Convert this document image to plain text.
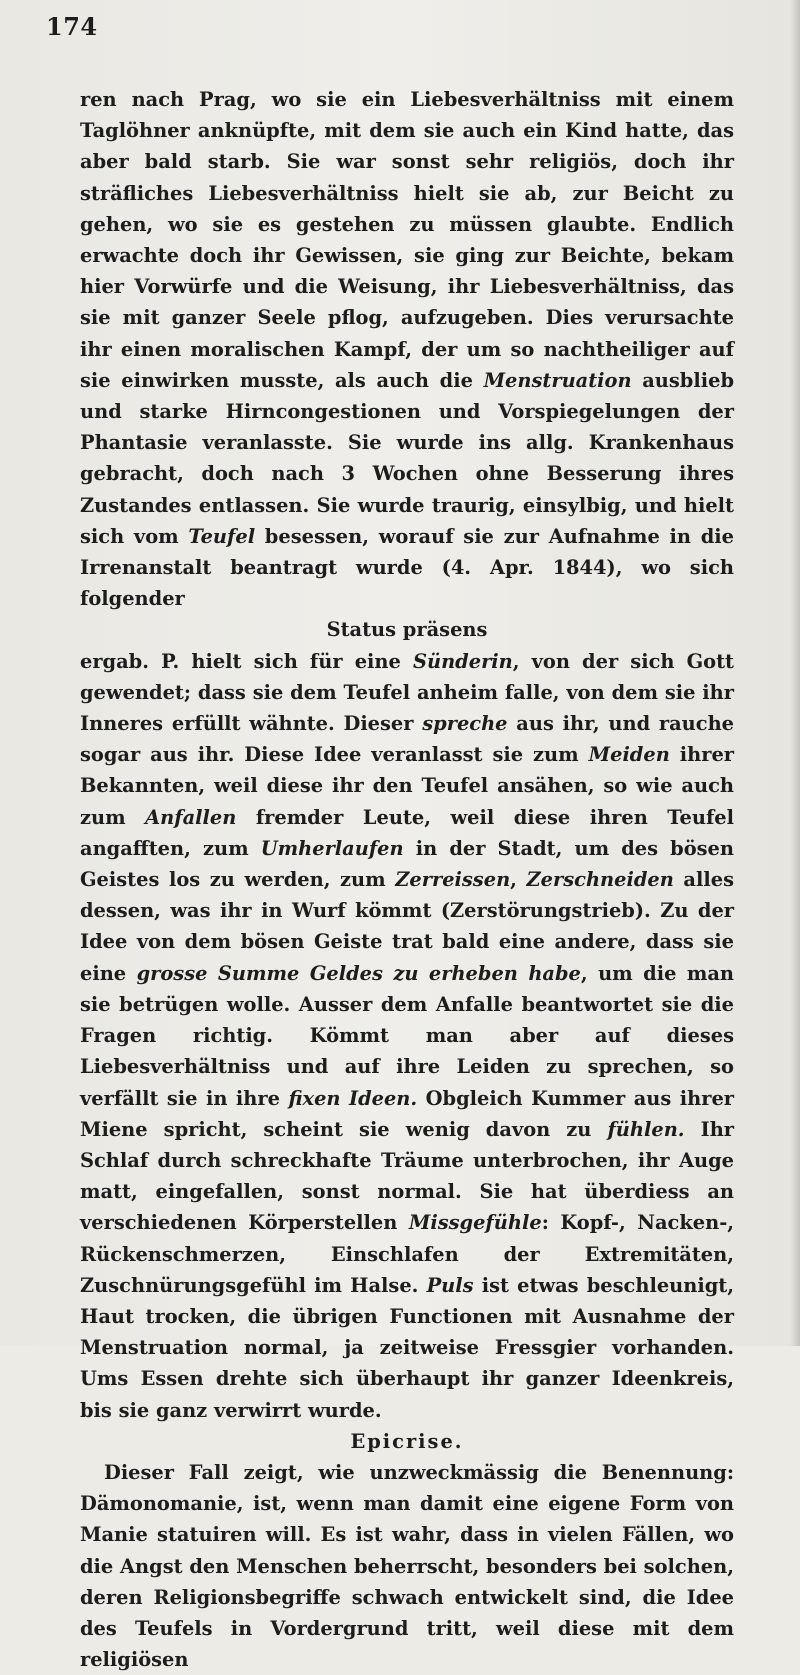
174

ren nach Prag, wo sie ein Liebesverhältniss mit einem Taglöhner anknüpfte, mit dem sie auch ein Kind hatte, das aber bald starb. Sie war sonst sehr religiös, doch ihr sträfliches Liebesverhältniss hielt sie ab, zur Beicht zu gehen, wo sie es gestehen zu müssen glaubte. Endlich erwachte doch ihr Gewissen, sie ging zur Beichte, bekam hier Vorwürfe und die Weisung, ihr Liebesverhältniss, das sie mit ganzer Seele pflog, aufzugeben. Dies verursachte ihr einen moralischen Kampf, der um so nachtheiliger auf sie einwirken musste, als auch die Menstruation ausblieb und starke Hirncongestionen und Vorspiegelungen der Phantasie veranlasste. Sie wurde ins allg. Krankenhaus gebracht, doch nach 3 Wochen ohne Besserung ihres Zustandes entlassen. Sie wurde traurig, einsylbig, und hielt sich vom Teufel besessen, worauf sie zur Aufnahme in die Irrenanstalt beantragt wurde (4. Apr. 1844), wo sich folgender

Status präsens

ergab. P. hielt sich für eine Sünderin, von der sich Gott gewendet; dass sie dem Teufel anheim falle, von dem sie ihr Inneres erfüllt wähnte. Dieser spreche aus ihr, und rauche sogar aus ihr. Diese Idee veranlasst sie zum Meiden ihrer Bekannten, weil diese ihr den Teufel ansähen, so wie auch zum Anfallen fremder Leute, weil diese ihren Teufel angafften, zum Umherlaufen in der Stadt, um des bösen Geistes los zu werden, zum Zerreissen, Zerschneiden alles dessen, was ihr in Wurf kömmt (Zerstörungstrieb). Zu der Idee von dem bösen Geiste trat bald eine andere, dass sie eine grosse Summe Geldes zu erheben habe, um die man sie betrügen wolle. Ausser dem Anfalle beantwortet sie die Fragen richtig. Kömmt man aber auf dieses Liebesverhältniss und auf ihre Leiden zu sprechen, so verfällt sie in ihre fixen Ideen. Obgleich Kummer aus ihrer Miene spricht, scheint sie wenig davon zu fühlen. Ihr Schlaf durch schreckhafte Träume unterbrochen, ihr Auge matt, eingefallen, sonst normal. Sie hat überdiess an verschiedenen Körperstellen Missgefühle: Kopf-, Nacken-, Rückenschmerzen, Einschlafen der Extremitäten, Zuschnürungsgefühl im Halse. Puls ist etwas beschleunigt, Haut trocken, die übrigen Functionen mit Ausnahme der Menstruation normal, ja zeitweise Fressgier vorhanden. Ums Essen drehte sich überhaupt ihr ganzer Ideenkreis, bis sie ganz verwirrt wurde.

Epicrise.

Dieser Fall zeigt, wie unzweckmässig die Benennung: Dämonomanie, ist, wenn man damit eine eigene Form von Manie statuiren will. Es ist wahr, dass in vielen Fällen, wo die Angst den Menschen beherrscht, besonders bei solchen, deren Religionsbegriffe schwach entwickelt sind, die Idee des Teufels in Vordergrund tritt, weil diese mit dem religiösen
